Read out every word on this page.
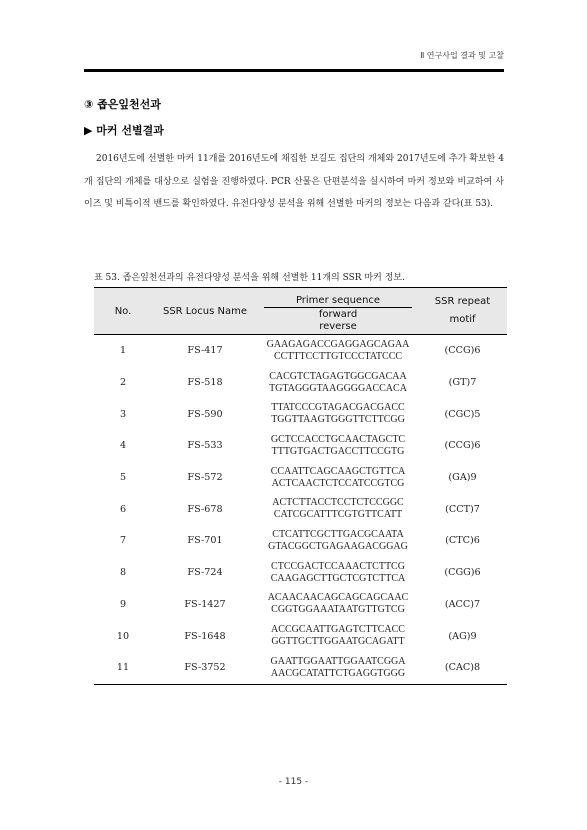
Ⅱ 연구사업 결과 및 고찰
③ 좁은잎천선과
▶ 마커 선별결과

2016년도에 선별한 마커 11개를 2016년도에 채집한 보길도 집단의 개체와 2017년도에 추가 확보한 4개 집단의 개체를 대상으로 실험을 진행하였다. PCR 산물은 단편분석을 실시하여 마커 정보와 비교하여 사이즈 및 비특이적 밴드를 확인하였다. 유전다양성 분석을 위해 선별한 마커의 정보는 다음과 같다(표 53).

표 53. 좁은잎천선과의 유전다양성 분석을 위해 선별한 11개의 SSR 마커 정보.
No.	SSR Locus Name	Primer sequence	SSR repeat motif

		forward
reverse	

1	FS-417	GAAGAGACCGAGGAGCAGAA
CCTTTCCTTGTCCCTATCCC	(CCG)6
2	FS-518	CACGTCTAGAGTGGCGACAA
TGTAGGGTAAGGGGACCACA	(GT)7
3	FS-590	TTATCCCGTAGACGACGACC
TGGTTAAGTGGGTTCTTCGG	(CGC)5
4	FS-533	GCTCCACCTGCAACTAGCTC
TTTGTGACTGACCTTCCGTG	(CCG)6
5	FS-572	CCAATTCAGCAAGCTGTTCA
ACTCAACTCTCCATCCGTCG	(GA)9
6	FS-678	ACTCTTACCTCCTCTCCGGC
CATCGCATTTCGTGTTCATT	(CCT)7
7	FS-701	CTCATTCGCTTGACGCAATA
GTACGGCTGAGAAGACGGAG	(CTC)6
8	FS-724	CTCCGACTCCAAACTCTTCG
CAAGAGCTTGCTCGTCTTCA	(CGG)6
9	FS-1427	ACAACAACAGCAGCAGCAAC
CGGTGGAAATAATGTTGTCG	(ACC)7
10	FS-1648	ACCGCAATTGAGTCTTCACC
GGTTGCTTGGAATGCAGATT	(AG)9
11	FS-3752	GAATTGGAATTGGAATCGGA
AACGCATATTCTGAGGTGGG	(CAC)8
- 115 -
